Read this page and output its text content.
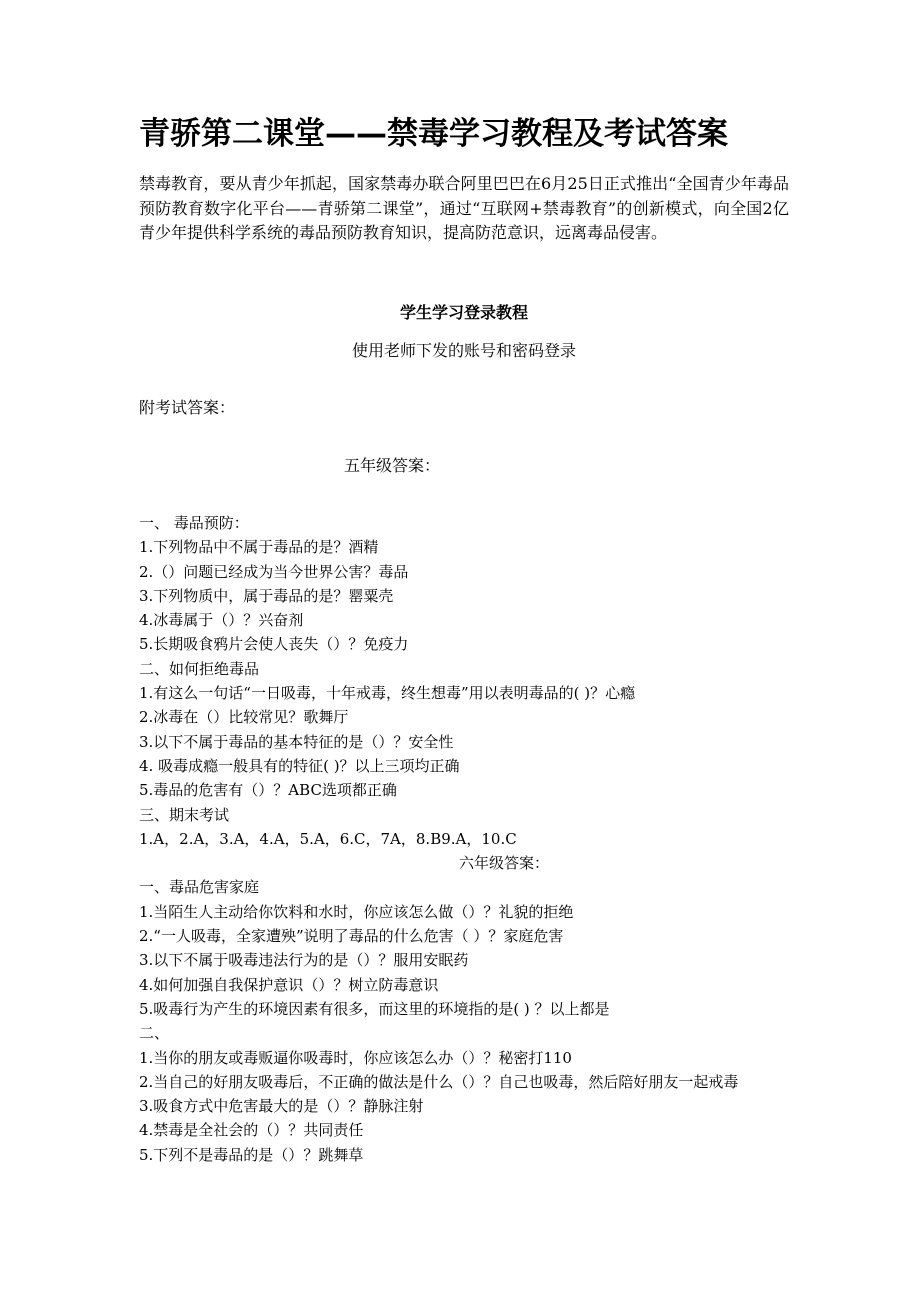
青骄第二课堂——禁毒学习教程及考试答案
禁毒教育，要从青少年抓起，国家禁毒办联合阿里巴巴在6月25日正式推出“全国青少年毒品预防教育数字化平台——青骄第二课堂”，通过“互联网+禁毒教育”的创新模式，向全国2亿青少年提供科学系统的毒品预防教育知识，提高防范意识，远离毒品侵害。
学生学习登录教程
使用老师下发的账号和密码登录
附考试答案：
五年级答案：
一、 毒品预防：
1.下列物品中不属于毒品的是？酒精
2.（）问题已经成为当今世界公害？毒品
3.下列物质中，属于毒品的是？罂粟壳
4.冰毒属于（）？兴奋剂
5.长期吸食鸦片会使人丧失（）？免疫力
二、如何拒绝毒品
1.有这么一句话“一日吸毒，十年戒毒，终生想毒”用以表明毒品的( )？心瘾
2.冰毒在（）比较常见？歌舞厅
3.以下不属于毒品的基本特征的是（）？安全性
4. 吸毒成瘾一般具有的特征( )？以上三项均正确
5.毒品的危害有（）？ABC选项都正确
三、期末考试
1.A，2.A，3.A，4.A，5.A，6.C，7A，8.B9.A，10.C
六年级答案：
一、毒品危害家庭
1.当陌生人主动给你饮料和水时，你应该怎么做（）？礼貌的拒绝
2.“一人吸毒，全家遭殃”说明了毒品的什么危害（ ）？家庭危害
3.以下不属于吸毒违法行为的是（）？服用安眠药
4.如何加强自我保护意识（）？树立防毒意识
5.吸毒行为产生的环境因素有很多，而这里的环境指的是( ) ？以上都是
二、
1.当你的朋友或毒贩逼你吸毒时，你应该怎么办（）？秘密打110
2.当自己的好朋友吸毒后，不正确的做法是什么（）？自己也吸毒，然后陪好朋友一起戒毒
3.吸食方式中危害最大的是（）？静脉注射
4.禁毒是全社会的（）？共同责任
5.下列不是毒品的是（）？跳舞草
